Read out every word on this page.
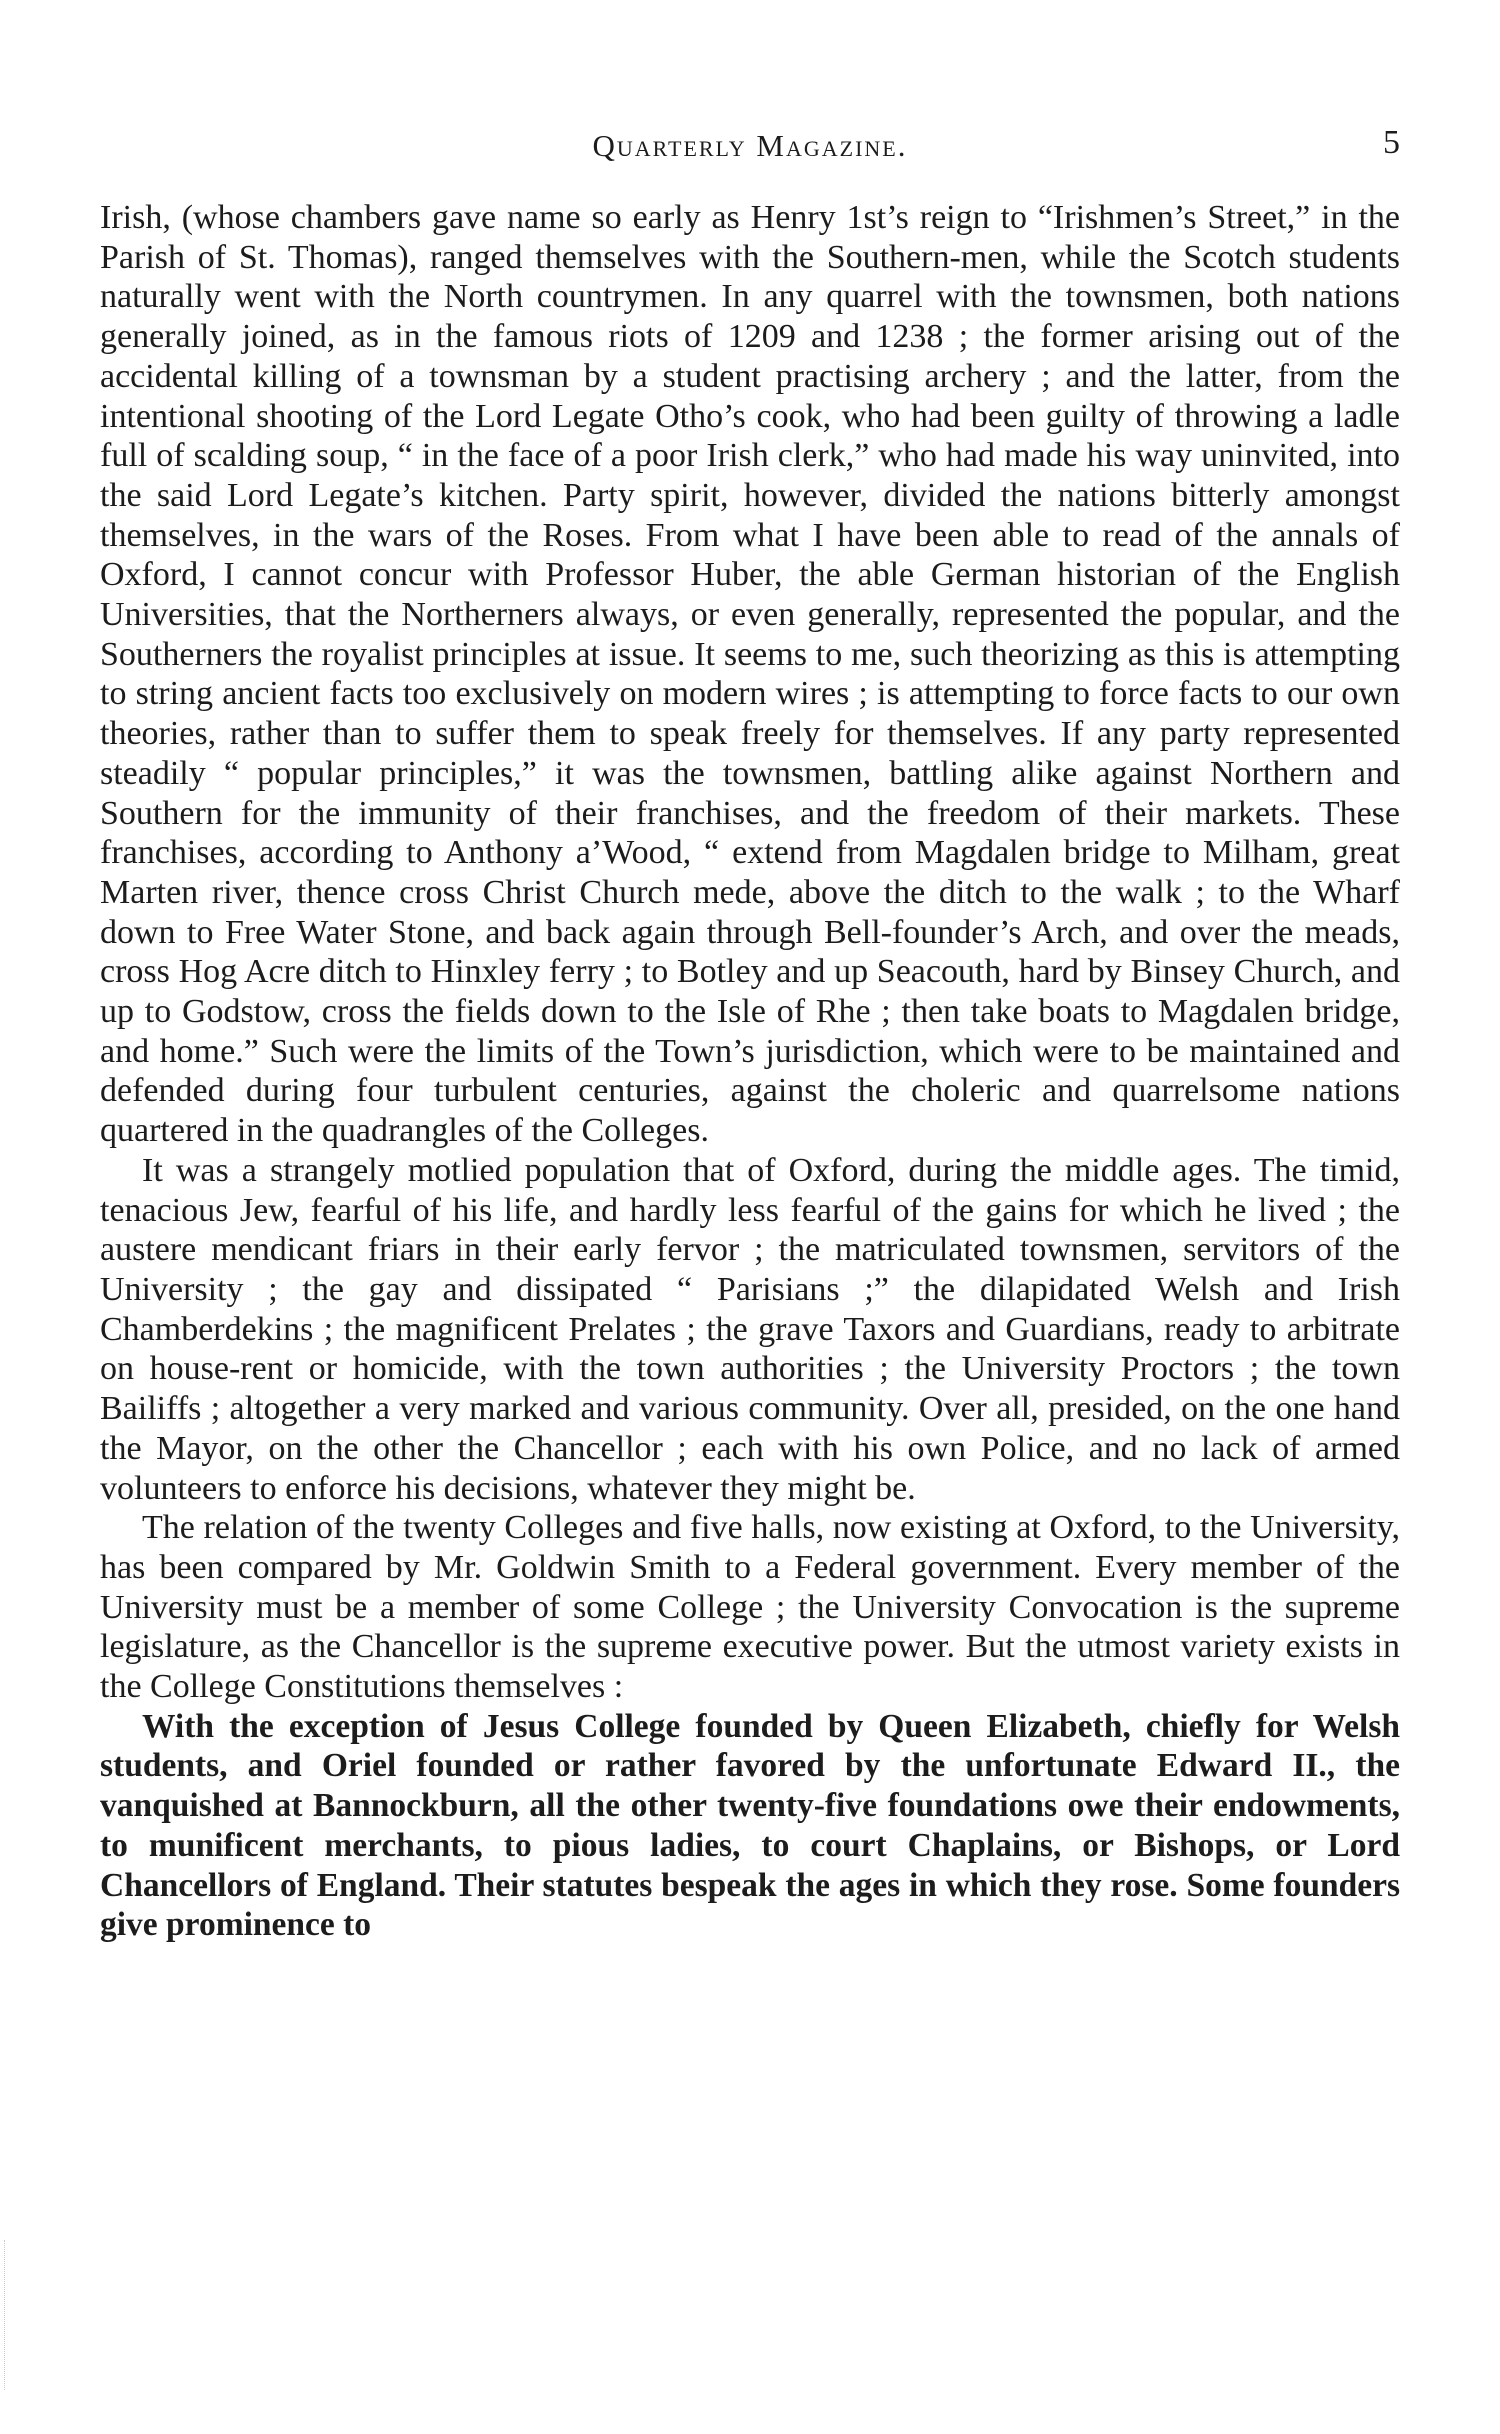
Quarterly Magazine.	5

Irish, (whose chambers gave name so early as Henry 1st’s reign to “Irishmen’s Street,” in the Parish of St. Thomas), ranged themselves with the Southern-men, while the Scotch students naturally went with the North countrymen. In any quarrel with the townsmen, both nations generally joined, as in the famous riots of 1209 and 1238 ; the former arising out of the accidental killing of a townsman by a student practising archery ; and the latter, from the intentional shooting of the Lord Legate Otho’s cook, who had been guilty of throwing a ladle full of scalding soup, “ in the face of a poor Irish clerk,” who had made his way uninvited, into the said Lord Legate’s kitchen. Party spirit, however, divided the nations bitterly amongst themselves, in the wars of the Roses. From what I have been able to read of the annals of Oxford, I cannot concur with Professor Huber, the able German historian of the English Universities, that the Northerners always, or even generally, represented the popular, and the Southerners the royalist principles at issue. It seems to me, such theorizing as this is attempting to string ancient facts too exclusively on modern wires ; is attempting to force facts to our own theories, rather than to suffer them to speak freely for themselves. If any party represented steadily “ popular principles,” it was the townsmen, battling alike against Northern and Southern for the immunity of their franchises, and the freedom of their markets. These franchises, according to Anthony a’Wood, “ extend from Magdalen bridge to Milham, great Marten river, thence cross Christ Church mede, above the ditch to the walk ; to the Wharf down to Free Water Stone, and back again through Bell-founder’s Arch, and over the meads, cross Hog Acre ditch to Hinxley ferry ; to Botley and up Seacouth, hard by Binsey Church, and up to Godstow, cross the fields down to the Isle of Rhe ; then take boats to Magdalen bridge, and home.” Such were the limits of the Town’s jurisdiction, which were to be maintained and defended during four turbulent centuries, against the choleric and quarrelsome nations quartered in the quadrangles of the Colleges.

It was a strangely motlied population that of Oxford, during the middle ages. The timid, tenacious Jew, fearful of his life, and hardly less fearful of the gains for which he lived ; the austere mendicant friars in their early fervor ; the matriculated townsmen, servitors of the University ; the gay and dissipated “ Parisians ;” the dilapidated Welsh and Irish Chamberdekins ; the magnificent Prelates ; the grave Taxors and Guardians, ready to arbitrate on house-rent or homicide, with the town authorities ; the University Proctors ; the town Bailiffs ; altogether a very marked and various community. Over all, presided, on the one hand the Mayor, on the other the Chancellor ; each with his own Police, and no lack of armed volunteers to enforce his decisions, whatever they might be.

The relation of the twenty Colleges and five halls, now existing at Oxford, to the University, has been compared by Mr. Goldwin Smith to a Federal government. Every member of the University must be a member of some College ; the University Convocation is the supreme legislature, as the Chancellor is the supreme executive power. But the utmost variety exists in the College Constitutions themselves :

With the exception of Jesus College founded by Queen Elizabeth, chiefly for Welsh students, and Oriel founded or rather favored by the unfortunate Edward II., the vanquished at Bannockburn, all the other twenty-five foundations owe their endowments, to munificent merchants, to pious ladies, to court Chaplains, or Bishops, or Lord Chancellors of England. Their statutes bespeak the ages in which they rose. Some founders give prominence to
